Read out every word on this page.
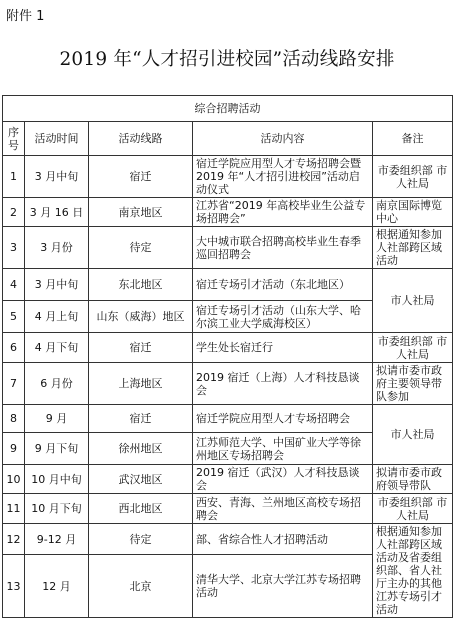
附件 1
2019 年“人才招引进校园”活动线路安排
综合招聘活动				
序号	活动时间	活动线路	活动内容	备注
1	3 月中旬	宿迁	宿迁学院应用型人才专场招聘会暨 2019 年“人才招引进校园”活动启动仪式	市委组织部 市人社局
2	3 月 16 日	南京地区	江苏省“2019 年高校毕业生公益专场招聘会”	南京国际博览中心
3	3 月份	待定	大中城市联合招聘高校毕业生春季巡回招聘会	根据通知参加人社部跨区域活动
4	3 月中旬	东北地区	宿迁专场引才活动（东北地区）	市人社局
5	4 月上旬	山东（威海）地区	宿迁专场引才活动（山东大学、哈尔滨工业大学威海校区）	
6	4 月下旬	宿迁	学生处长宿迁行	市委组织部 市人社局
7	6 月份	上海地区	2019 宿迁（上海）人才科技恳谈会	拟请市委市政府主要领导带队参加
8	9 月	宿迁	宿迁学院应用型人才专场招聘会	市人社局
9	9 月下旬	徐州地区	江苏师范大学、中国矿业大学等徐州地区专场招聘会	
10	10 月中旬	武汉地区	2019 宿迁（武汉）人才科技恳谈会	拟请市委市政府领导带队
11	10 月下旬	西北地区	西安、青海、兰州地区高校专场招聘会	市委组织部 市人社局
12	9-12 月	待定	部、省综合性人才招聘活动	根据通知参加人社部跨区域活动及省委组织部、省人社厅主办的其他江苏专场引才活动
13	12 月	北京	清华大学、北京大学江苏专场招聘活动	
